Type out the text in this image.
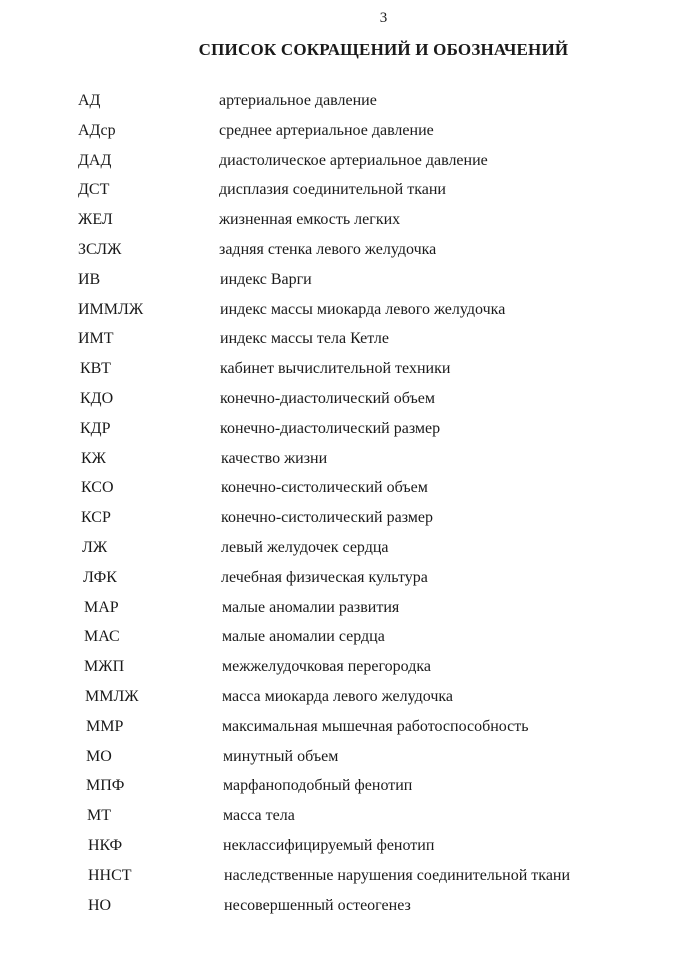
3
СПИСОК СОКРАЩЕНИЙ И ОБОЗНАЧЕНИЙ
АД	артериальное давление
АДср	среднее артериальное давление
ДАД	диастолическое артериальное давление
ДСТ	дисплазия соединительной ткани
ЖЕЛ	жизненная емкость легких
ЗСЛЖ	задняя стенка левого желудочка
ИВ	индекс Варги
ИММЛЖ	индекс массы миокарда левого желудочка
ИМТ	индекс массы тела Кетле
КВТ	кабинет вычислительной техники
КДО	конечно-диастолический объем
КДР	конечно-диастолический размер
КЖ	качество жизни
КСО	конечно-систолический объем
КСР	конечно-систолический размер
ЛЖ	левый желудочек сердца
ЛФК	лечебная физическая культура
МАР	малые аномалии развития
МАС	малые аномалии сердца
МЖП	межжелудочковая перегородка
ММЛЖ	масса миокарда левого желудочка
ММР	максимальная мышечная работоспособность
МО	минутный объем
МПФ	марфаноподобный фенотип
МТ	масса тела
НКФ	неклассифицируемый фенотип
ННСТ	наследственные нарушения соединительной ткани
НО	несовершенный остеогенез
